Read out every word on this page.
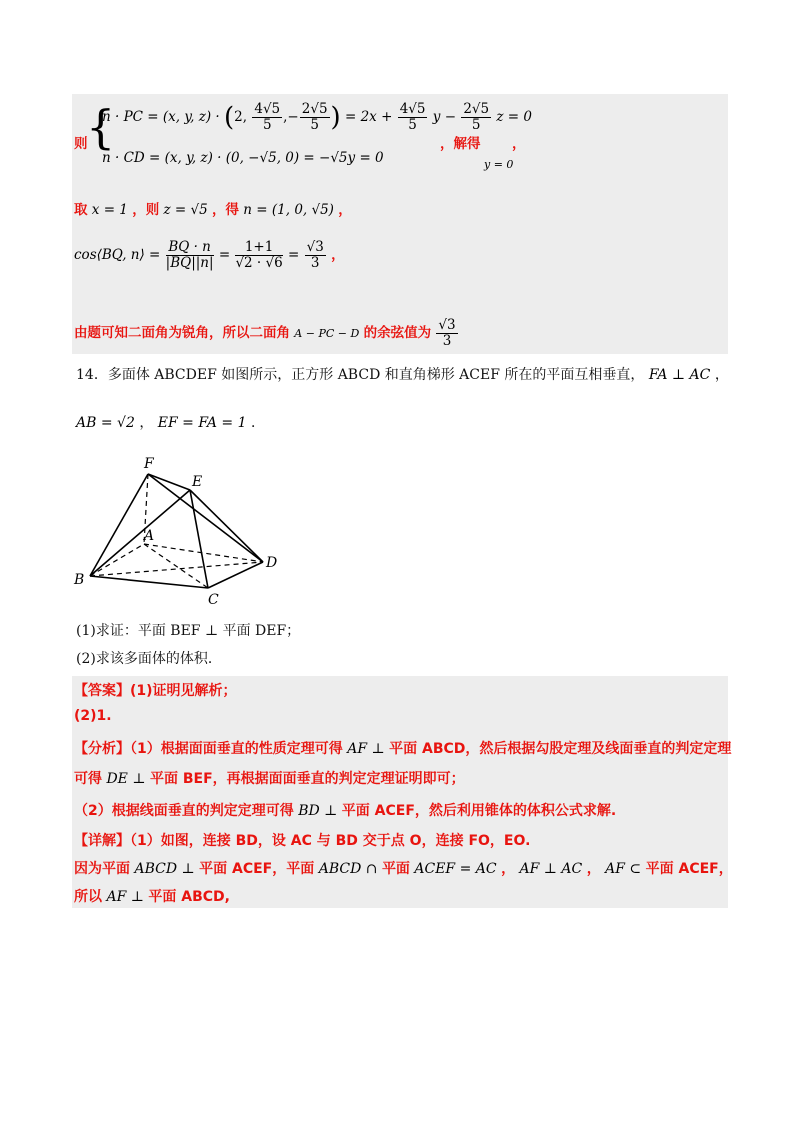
则
{
n · PC = (x, y, z) · (2, $\frac{4√5}{5}$ ,− $\frac{2√5}{5}$ ) = $2x + \frac{4√5}{5}$ $y - \frac{2√5}{5}$ z = 0
n · CD = (x, y, z) · (0, −√5, 0) = −√5y = 0
，解得 ，
y = 0
取 x = 1 ，则 z = √5 ，得 n = (1, 0, √5) ，
cos⟨BQ, n⟩ = $\frac{BQ \cdot n}{|BQ||n|} = \frac{1+1}{√2 \cdot √6} = \frac{√3}{3}$ ，
由题可知二面角为锐角，所以二面角 A − PC − D 的余弦值为 $\frac{√3}{3}$
14．多面体 ABCDEF 如图所示，正方形 ABCD 和直角梯形 ACEF 所在的平面互相垂直， FA ⊥ AC ，
AB = √2 ， EF = FA = 1 ．
F
E
A
B
C
D
(1)求证：平面 BEF ⊥ 平面 DEF；
(2)求该多面体的体积．
【答案】(1)证明见解析；
(2)1.
【分析】（1）根据面面垂直的性质定理可得 AF ⊥ 平面 ABCD，然后根据勾股定理及线面垂直的判定定理
可得 DE ⊥ 平面 BEF，再根据面面垂直的判定定理证明即可；
（2）根据线面垂直的判定定理可得 BD ⊥ 平面 ACEF，然后利用锥体的体积公式求解.
【详解】（1）如图，连接 BD，设 AC 与 BD 交于点 O，连接 FO，EO.
因为平面 ABCD ⊥ 平面 ACEF，平面 ABCD ∩ 平面 ACEF = AC ， AF ⊥ AC ， AF ⊂ 平面 ACEF，
所以 AF ⊥ 平面 ABCD,
